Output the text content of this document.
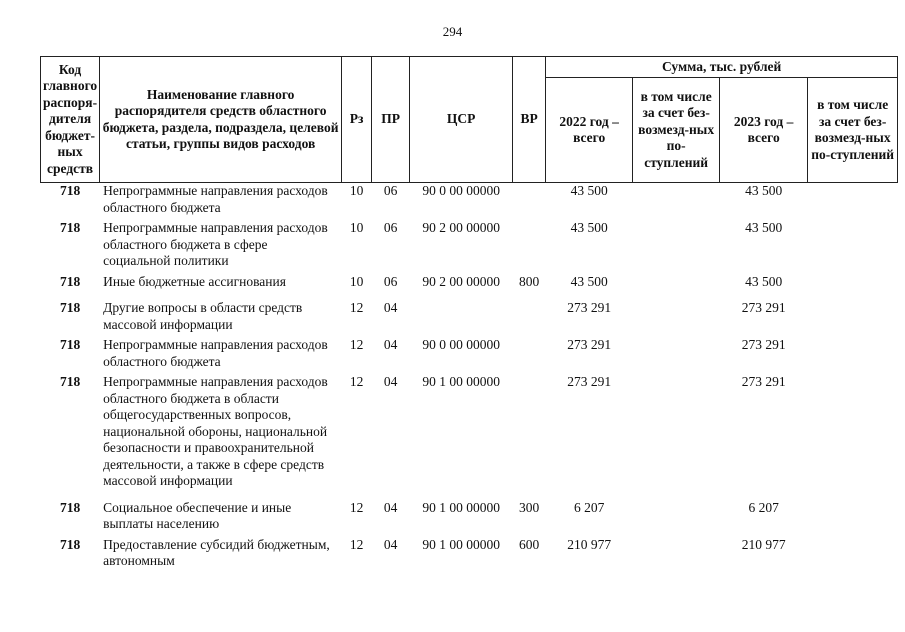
294
Код главного распоря-дителя бюджет-ных средств	Наименование главного распорядителя средств областного бюджета, раздела, подраздела, целевой статьи, группы видов расходов	Рз	ПР	ЦСР	ВР	Сумма, тыс. рублей			
						2022 год – всего	в том числе за счет без-возмезд-ных по-ступлений	2023 год – всего	в том числе за счет без-возмезд-ных по-ступлений
718	Непрограммные направления расходов областного бюджета	10	06	90 0 00 00000		43 500		43 500	
718	Непрограммные направления расходов областного бюджета в сфере социальной политики	10	06	90 2 00 00000		43 500		43 500	
718	Иные бюджетные ассигнования	10	06	90 2 00 00000	800	43 500		43 500	
718	Другие вопросы в области средств массовой информации	12	04			273 291		273 291	
718	Непрограммные направления расходов областного бюджета	12	04	90 0 00 00000		273 291		273 291	
718	Непрограммные направления расходов областного бюджета в области общегосударственных вопросов, национальной обороны, национальной безопасности и правоохранительной деятельности, а также в сфере средств массовой информации	12	04	90 1 00 00000		273 291		273 291	
718	Социальное обеспечение и иные выплаты населению	12	04	90 1 00 00000	300	6 207		6 207	
718	Предоставление субсидий бюджетным, автономным	12	04	90 1 00 00000	600	210 977		210 977	
